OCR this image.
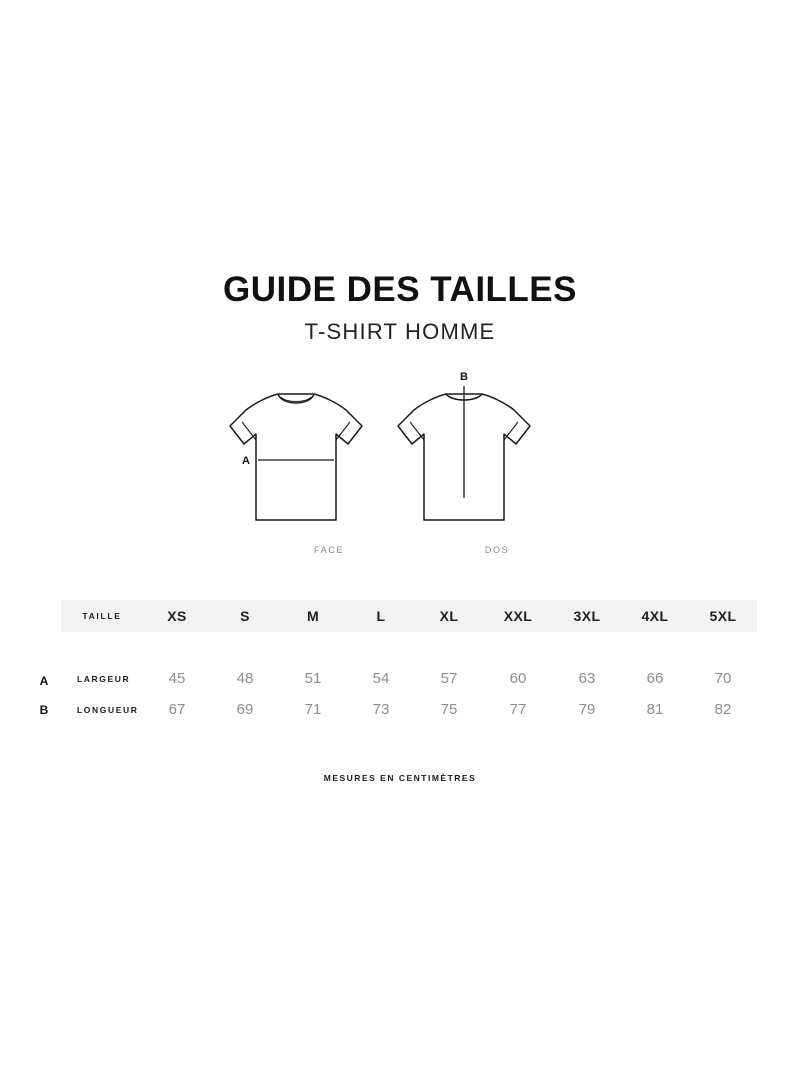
GUIDE DES TAILLES
T-SHIRT HOMME
A
B
FACE	DOS
A
B
TAILLE	XS	S	M	L	XL	XXL	3XL	4XL	5XL

LARGEUR	45	48	51	54	57	60	63	66	70
LONGUEUR	67	69	71	73	75	77	79	81	82
MESURES EN CENTIMÈTRES
